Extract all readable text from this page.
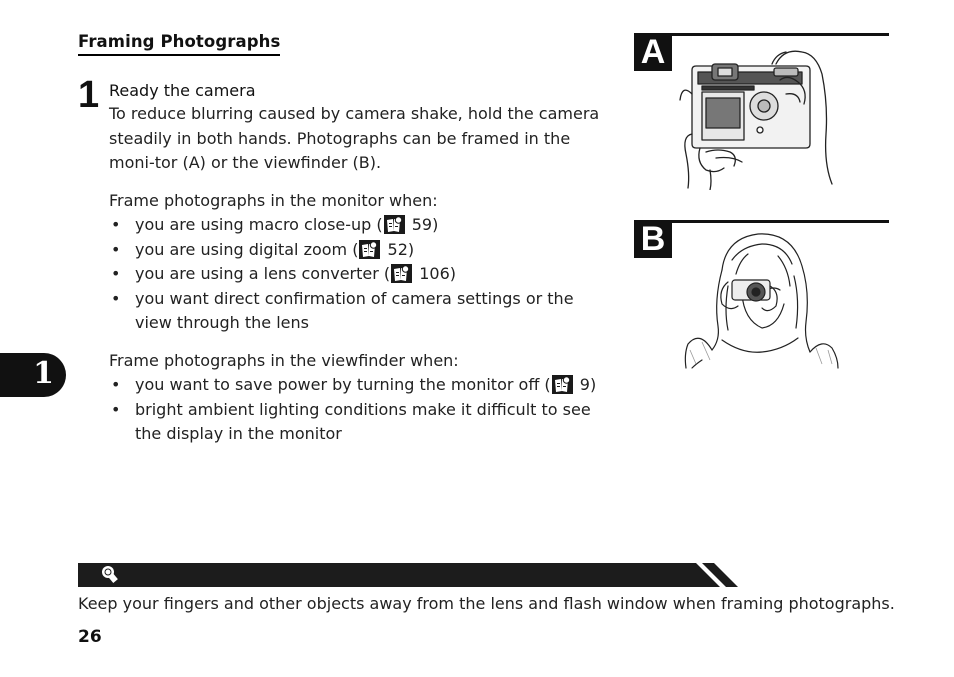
Framing Photographs
1 Ready the camera
To reduce blurring caused by camera shake, hold the camera steadily in both hands. Photographs can be framed in the moni-tor (A) or the viewfinder (B).
Frame photographs in the monitor when:
• you are using macro close-up (
59)
• you are using digital zoom (
52)
• you are using a lens converter (
106)
• you want direct confirmation of camera settings or the view through the lens
Frame photographs in the viewfinder when:
• you want to save power by turning the monitor off (
9)
• bright ambient lighting conditions make it difficult to see the display in the monitor
1
A
B
Keep your fingers and other objects away from the lens and flash window when framing photographs.
26
